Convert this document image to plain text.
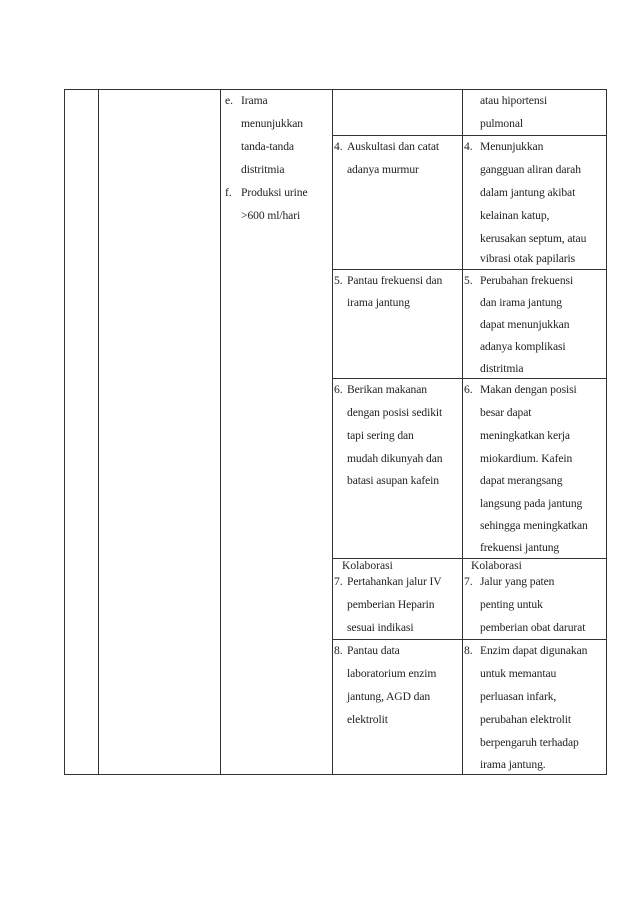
e. Irama
menunjukkan
tanda-tanda
distritmia
f. Produksi urine
>600 ml/hari
atau hiportensi
pulmonal
4. Auskultasi dan catat
adanya murmur
4. Menunjukkan
gangguan aliran darah
dalam jantung akibat
kelainan katup,
kerusakan septum, atau
vibrasi otak papilaris
5. Pantau frekuensi dan
irama jantung
5. Perubahan frekuensi
dan irama jantung
dapat menunjukkan
adanya komplikasi
distritmia
6. Berikan makanan
dengan posisi sedikit
tapi sering dan
mudah dikunyah dan
batasi asupan kafein
6. Makan dengan posisi
besar dapat
meningkatkan kerja
miokardium. Kafein
dapat merangsang
langsung pada jantung
sehingga meningkatkan
frekuensi jantung
Kolaborasi	Kolaborasi
7. Pertahankan jalur IV
pemberian Heparin
sesuai indikasi
7. Jalur yang paten
penting untuk
pemberian obat darurat
8. Pantau data
laboratorium enzim
jantung, AGD dan
elektrolit
8. Enzim dapat digunakan
untuk memantau
perluasan infark,
perubahan elektrolit
berpengaruh terhadap
irama jantung.
